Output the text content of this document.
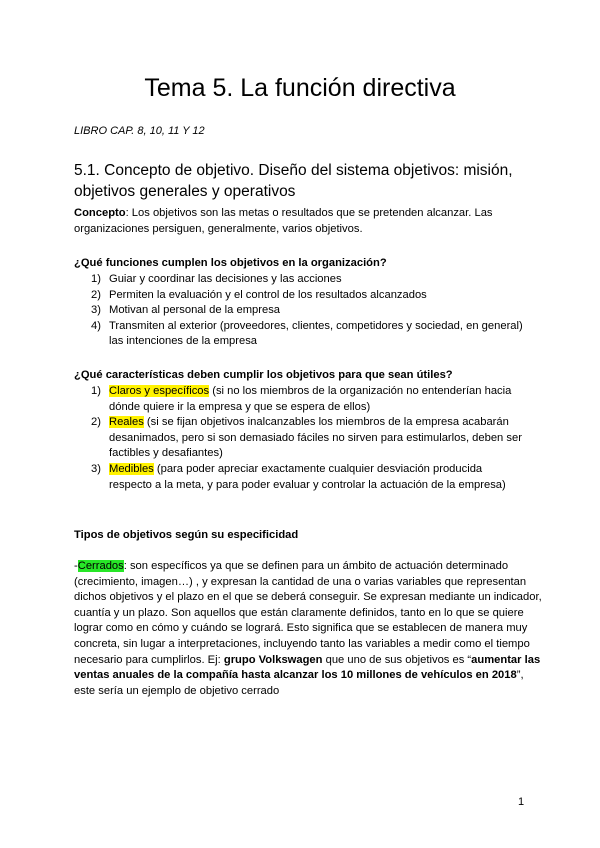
Tema 5. La función directiva
LIBRO CAP. 8, 10, 11 Y 12
5.1. Concepto de objetivo. Diseño del sistema objetivos: misión, objetivos generales y operativos
Concepto: Los objetivos son las metas o resultados que se pretenden alcanzar. Las organizaciones persiguen, generalmente, varios objetivos.
¿Qué funciones cumplen los objetivos en la organización?
1) Guiar y coordinar las decisiones y las acciones
2) Permiten la evaluación y el control de los resultados alcanzados
3) Motivan al personal de la empresa
4) Transmiten al exterior (proveedores, clientes, competidores y sociedad, en general) las intenciones de la empresa
¿Qué características deben cumplir los objetivos para que sean útiles?
1) Claros y específicos (si no los miembros de la organización no entenderían hacia dónde quiere ir la empresa y que se espera de ellos)
2) Reales (si se fijan objetivos inalcanzables los miembros de la empresa acabarán desanimados, pero si son demasiado fáciles no sirven para estimularlos, deben ser factibles y desafiantes)
3) Medibles (para poder apreciar exactamente cualquier desviación producida respecto a la meta, y para poder evaluar y controlar la actuación de la empresa)
Tipos de objetivos según su especificidad
-Cerrados: son específicos ya que se definen para un ámbito de actuación determinado (crecimiento, imagen…) , y expresan la cantidad de una o varias variables que representan dichos objetivos y el plazo en el que se deberá conseguir. Se expresan mediante un indicador, cuantía y un plazo. Son aquellos que están claramente definidos, tanto en lo que se quiere lograr como en cómo y cuándo se logrará. Esto significa que se establecen de manera muy concreta, sin lugar a interpretaciones, incluyendo tanto las variables a medir como el tiempo necesario para cumplirlos. Ej: grupo Volkswagen que uno de sus objetivos es “aumentar las ventas anuales de la compañía hasta alcanzar los 10 millones de vehículos en 2018”, este sería un ejemplo de objetivo cerrado
1
